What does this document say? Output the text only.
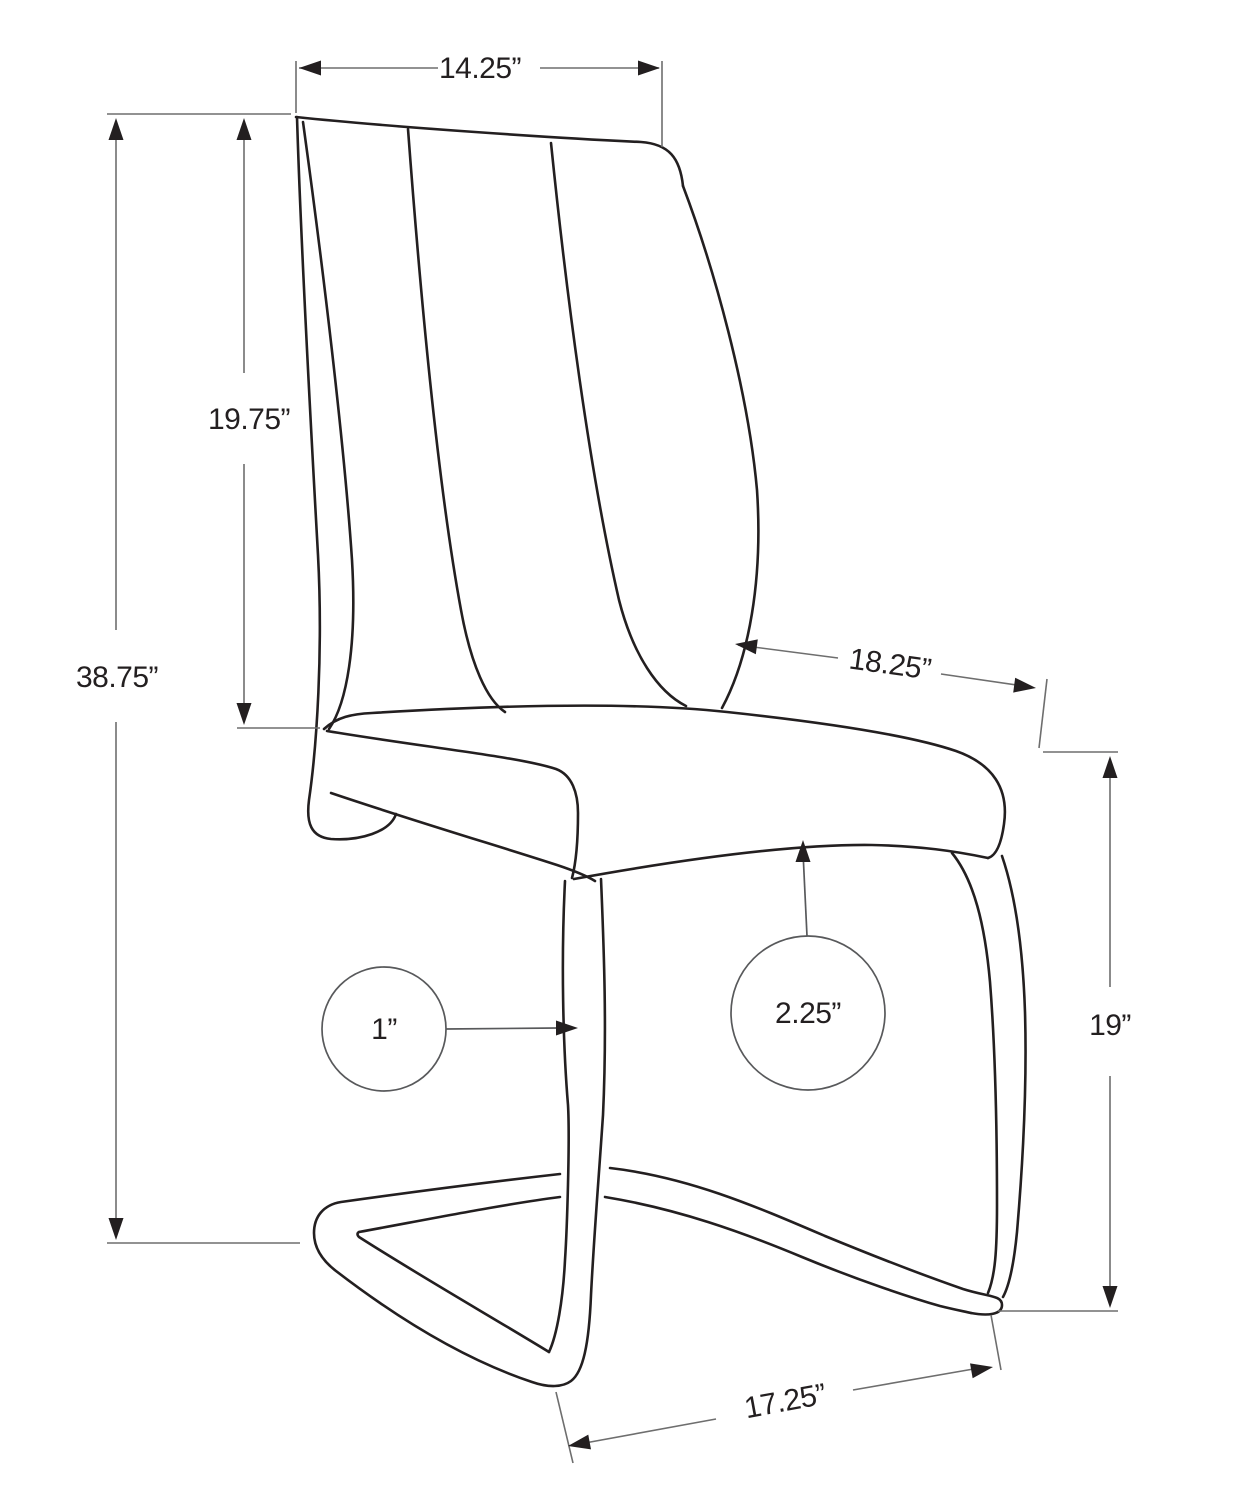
14.25”
19.75”
38.75”	18.25”
19”
1”	2.25”
17.25”
